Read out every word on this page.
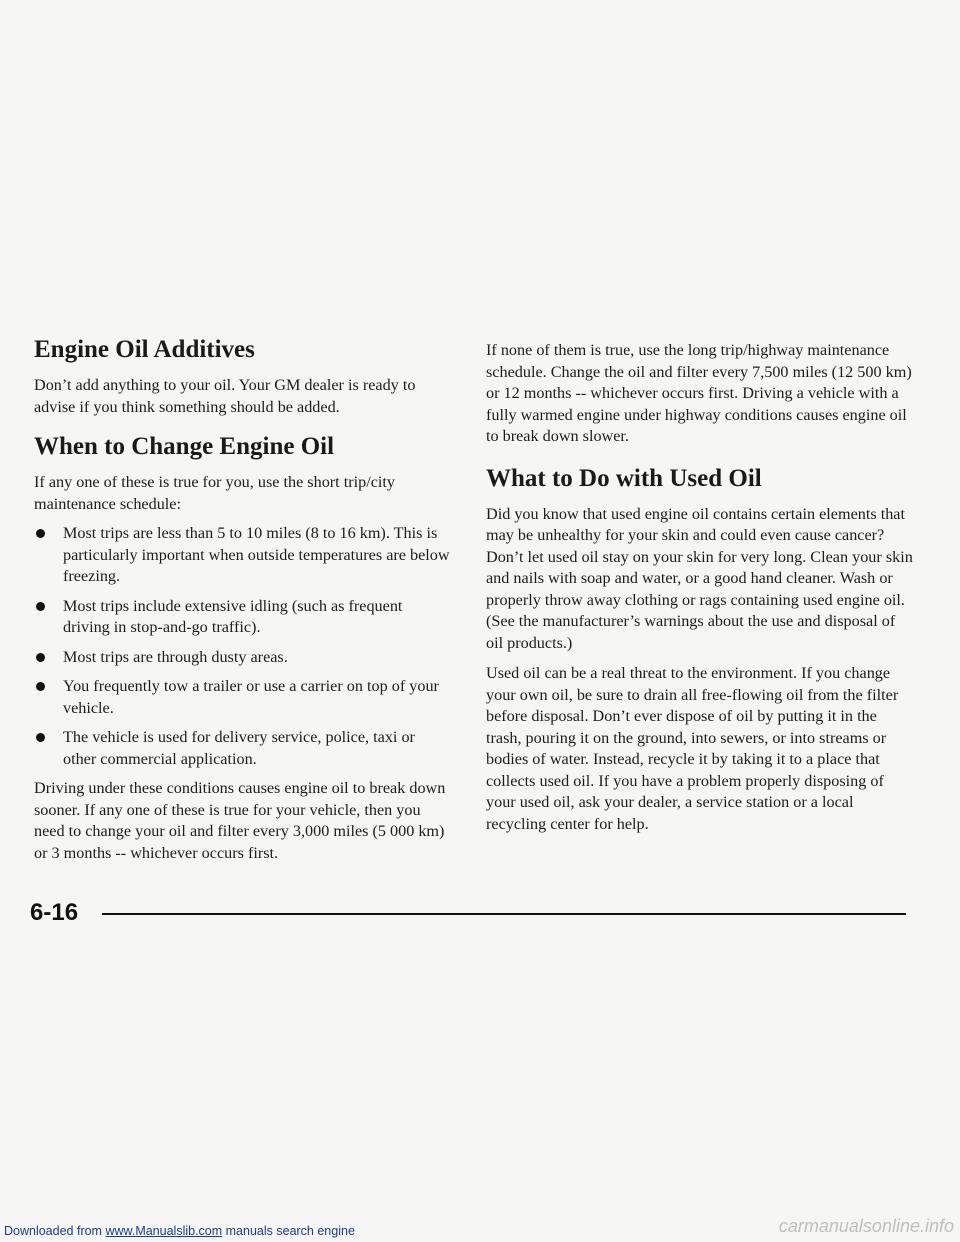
Engine Oil Additives

Don’t add anything to your oil. Your GM dealer is ready to advise if you think something should be added.

When to Change Engine Oil

If any one of these is true for you, use the short trip/city maintenance schedule:

Most trips are less than 5 to 10 miles (8 to 16 km). This is particularly important when outside temperatures are below freezing.
Most trips include extensive idling (such as frequent driving in stop-and-go traffic).
Most trips are through dusty areas.
You frequently tow a trailer or use a carrier on top of your vehicle.
The vehicle is used for delivery service, police, taxi or other commercial application.

Driving under these conditions causes engine oil to break down sooner. If any one of these is true for your vehicle, then you need to change your oil and filter every 3,000 miles (5 000 km) or 3 months -- whichever occurs first.

If none of them is true, use the long trip/highway maintenance schedule. Change the oil and filter every 7,500 miles (12 500 km) or 12 months -- whichever occurs first. Driving a vehicle with a fully warmed engine under highway conditions causes engine oil to break down slower.

What to Do with Used Oil

Did you know that used engine oil contains certain elements that may be unhealthy for your skin and could even cause cancer? Don’t let used oil stay on your skin for very long. Clean your skin and nails with soap and water, or a good hand cleaner. Wash or properly throw away clothing or rags containing used engine oil. (See the manufacturer’s warnings about the use and disposal of oil products.)

Used oil can be a real threat to the environment. If you change your own oil, be sure to drain all free-flowing oil from the filter before disposal. Don’t ever dispose of oil by putting it in the trash, pouring it on the ground, into sewers, or into streams or bodies of water. Instead, recycle it by taking it to a place that collects used oil. If you have a problem properly disposing of your used oil, ask your dealer, a service station or a local recycling center for help.

6-16
Downloaded from www.Manualslib.com manuals search engine	carmanualsonline.info
